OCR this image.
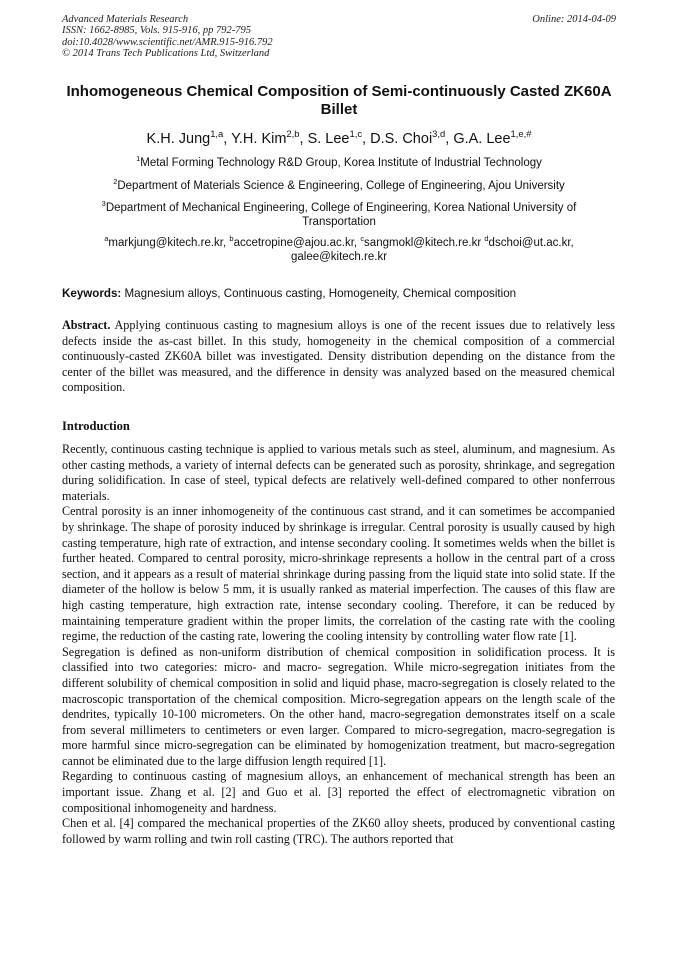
Advanced Materials Research
ISSN: 1662-8985, Vols. 915-916, pp 792-795
doi:10.4028/www.scientific.net/AMR.915-916.792
© 2014 Trans Tech Publications Ltd, Switzerland
Online: 2014-04-09
Inhomogeneous Chemical Composition of Semi-continuously Casted ZK60A Billet
K.H. Jung$^{1,a}$, Y.H. Kim$^{2,b}$, S. Lee$^{1,c}$, D.S. Choi$^{3,d}$, G.A. Lee$^{1,e,\#}$
$^1$Metal Forming Technology R&D Group, Korea Institute of Industrial Technology
$^2$Department of Materials Science & Engineering, College of Engineering, Ajou University
$^3$Department of Mechanical Engineering, College of Engineering, Korea National University of Transportation
$^a$markjung@kitech.re.kr, $^b$accetropine@ajou.ac.kr, $^c$sangmokl@kitech.re.kr $^d$dschoi@ut.ac.kr, galee@kitech.re.kr
Keywords: Magnesium alloys, Continuous casting, Homogeneity, Chemical composition
Abstract. Applying continuous casting to magnesium alloys is one of the recent issues due to relatively less defects inside the as-cast billet. In this study, homogeneity in the chemical composition of a commercial continuously-casted ZK60A billet was investigated. Density distribution depending on the distance from the center of the billet was measured, and the difference in density was analyzed based on the measured chemical composition.
Introduction

Recently, continuous casting technique is applied to various metals such as steel, aluminum, and magnesium. As other casting methods, a variety of internal defects can be generated such as porosity, shrinkage, and segregation during solidification. In case of steel, typical defects are relatively well-defined compared to other nonferrous materials.

Central porosity is an inner inhomogeneity of the continuous cast strand, and it can sometimes be accompanied by shrinkage. The shape of porosity induced by shrinkage is irregular. Central porosity is usually caused by high casting temperature, high rate of extraction, and intense secondary cooling. It sometimes welds when the billet is further heated. Compared to central porosity, micro-shrinkage represents a hollow in the central part of a cross section, and it appears as a result of material shrinkage during passing from the liquid state into solid state. If the diameter of the hollow is below 5 mm, it is usually ranked as material imperfection. The causes of this flaw are high casting temperature, high extraction rate, intense secondary cooling. Therefore, it can be reduced by maintaining temperature gradient within the proper limits, the correlation of the casting rate with the cooling regime, the reduction of the casting rate, lowering the cooling intensity by controlling water flow rate [1].

Segregation is defined as non-uniform distribution of chemical composition in solidification process. It is classified into two categories: micro- and macro- segregation. While micro-segregation initiates from the different solubility of chemical composition in solid and liquid phase, macro-segregation is closely related to the macroscopic transportation of the chemical composition. Micro-segregation appears on the length scale of the dendrites, typically 10-100 micrometers. On the other hand, macro-segregation demonstrates itself on a scale from several millimeters to centimeters or even larger. Compared to micro-segregation, macro-segregation is more harmful since micro-segregation can be eliminated by homogenization treatment, but macro-segregation cannot be eliminated due to the large diffusion length required [1].

Regarding to continuous casting of magnesium alloys, an enhancement of mechanical strength has been an important issue. Zhang et al. [2] and Guo et al. [3] reported the effect of electromagnetic vibration on compositional inhomogeneity and hardness.

Chen et al. [4] compared the mechanical properties of the ZK60 alloy sheets, produced by conventional casting followed by warm rolling and twin roll casting (TRC). The authors reported that
